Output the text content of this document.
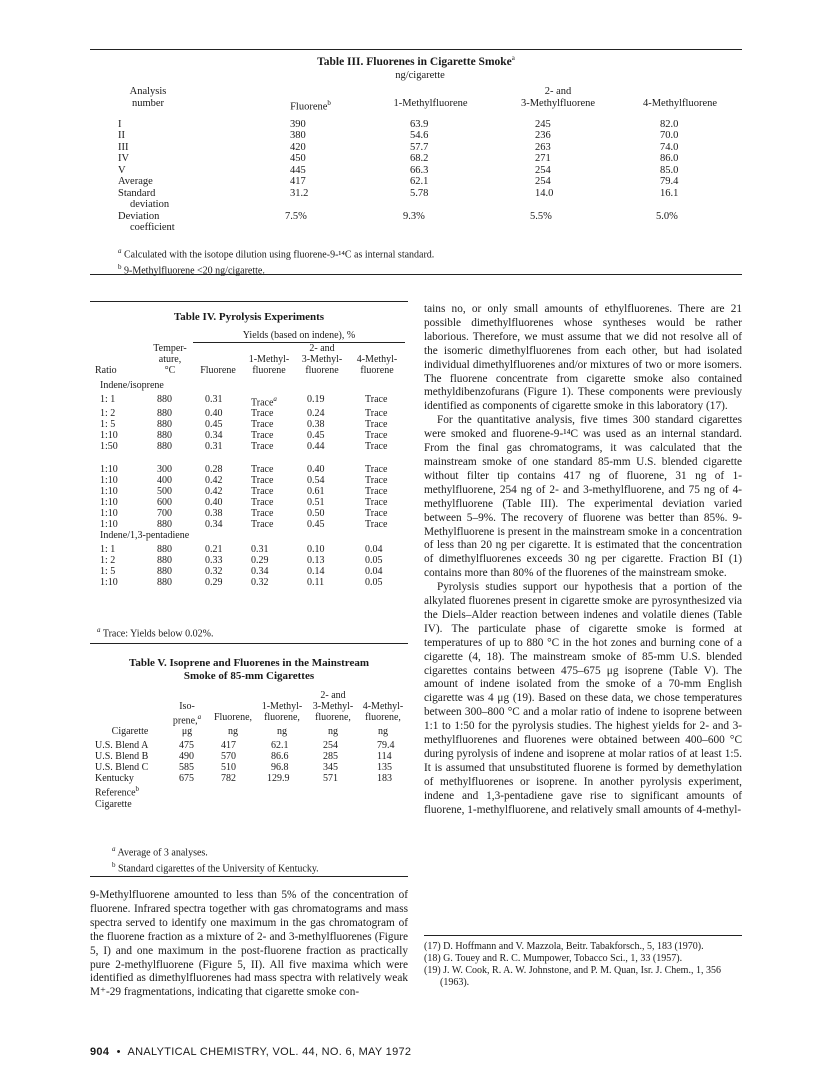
Table III. Fluorenes in Cigarette Smoke$^a$
ng/cigarette
Analysis			2- and	
number	Fluorene$^b$	1-Methylfluorene	3-Methylfluorene	4-Methylfluorene

I	390	63.9	245	82.0
II	380	54.6	236	70.0
III	420	57.7	263	74.0
IV	450	68.2	271	86.0
V	445	66.3	254	85.0
Average	417	62.1	254	79.4
Standard	31.2	5.78	14.0	16.1
deviation				
Deviation	7.5%	9.3%	5.5%	5.0%
coefficient				
$^a$ Calculated with the isotope dilution using fluorene-9-¹⁴C as internal standard.
$^b$ 9-Methylfluorene <20 ng/cigarette.
Table IV. Pyrolysis Experiments
		Yields (based on indene), %			
	Temper-			2- and	
	ature,		1-Methyl-	3-Methyl-	4-Methyl-
Ratio	°C	Fluorene	fluorene	fluorene	fluorene

Indene/isoprene					

1: 1	880	0.31	Trace$^a$	0.19	Trace
1: 2	880	0.40	Trace	0.24	Trace
1: 5	880	0.45	Trace	0.38	Trace
1:10	880	0.34	Trace	0.45	Trace
1:50	880	0.31	Trace	0.44	Trace

1:10	300	0.28	Trace	0.40	Trace
1:10	400	0.42	Trace	0.54	Trace
1:10	500	0.42	Trace	0.61	Trace
1:10	600	0.40	Trace	0.51	Trace
1:10	700	0.38	Trace	0.50	Trace
1:10	880	0.34	Trace	0.45	Trace
Indene/1,3-pentadiene					

1: 1	880	0.21	0.31	0.10	0.04
1: 2	880	0.33	0.29	0.13	0.05
1: 5	880	0.32	0.34	0.14	0.04
1:10	880	0.29	0.32	0.11	0.05
$^a$ Trace: Yields below 0.02%.
Table V. Isoprene and Fluorenes in the Mainstream
Smoke of 85-mm Cigarettes
				2- and	
	Iso-		1-Methyl-	3-Methyl-	4-Methyl-
	prene,$^a$	Fluorene,	fluorene,	fluorene,	fluorene,
Cigarette	μg	ng	ng	ng	ng

U.S. Blend A	475	417	62.1	254	79.4
U.S. Blend B	490	570	86.6	285	114
U.S. Blend C	585	510	96.8	345	135
Kentucky	675	782	129.9	571	183
Reference$^b$
Cigarette					
$^a$ Average of 3 analyses.
$^b$ Standard cigarettes of the University of Kentucky.

9-Methylfluorene amounted to less than 5% of the concentration of fluorene. Infrared spectra together with gas chromatograms and mass spectra served to identify one maximum in the gas chromatogram of the fluorene fraction as a mixture of 2- and 3-methylfluorenes (Figure 5, I) and one maximum in the post-fluorene fraction as practically pure 2-methylfluorene (Figure 5, II). All five maxima which were identified as dimethylfluorenes had mass spectra with relatively weak M⁺-29 fragmentations, indicating that cigarette smoke con-

tains no, or only small amounts of ethylfluorenes. There are 21 possible dimethylfluorenes whose syntheses would be rather laborious. Therefore, we must assume that we did not resolve all of the isomeric dimethylfluorenes from each other, but had isolated individual dimethylfluorenes and/or mixtures of two or more isomers. The fluorene concentrate from cigarette smoke also contained methyldibenzofurans (Figure 1). These components were previously identified as components of cigarette smoke in this laboratory (17).

For the quantitative analysis, five times 300 standard cigarettes were smoked and fluorene-9-¹⁴C was used as an internal standard. From the final gas chromatograms, it was calculated that the mainstream smoke of one standard 85-mm U.S. blended cigarette without filter tip contains 417 ng of fluorene, 31 ng of 1-methylfluorene, 254 ng of 2- and 3-methylfluorene, and 75 ng of 4-methylfluorene (Table III). The experimental deviation varied between 5–9%. The recovery of fluorene was better than 85%. 9-Methylfluorene is present in the mainstream smoke in a concentration of less than 20 ng per cigarette. It is estimated that the concentration of dimethylfluorenes exceeds 30 ng per cigarette. Fraction BI (1) contains more than 80% of the fluorenes of the mainstream smoke.

Pyrolysis studies support our hypothesis that a portion of the alkylated fluorenes present in cigarette smoke are pyrosynthesized via the Diels–Alder reaction between indenes and volatile dienes (Table IV). The particulate phase of cigarette smoke is formed at temperatures of up to 880 °C in the hot zones and burning cone of a cigarette (4, 18). The mainstream smoke of 85-mm U.S. blended cigarettes contains between 475–675 μg isoprene (Table V). The amount of indene isolated from the smoke of a 70-mm English cigarette was 4 μg (19). Based on these data, we chose temperatures between 300–800 °C and a molar ratio of indene to isoprene between 1:1 to 1:50 for the pyrolysis studies. The highest yields for 2- and 3-methylfluorenes and fluorenes were obtained between 400–600 °C during pyrolysis of indene and isoprene at molar ratios of at least 1:5. It is assumed that unsubstituted fluorene is formed by demethylation of methylfluorenes or isoprene. In another pyrolysis experiment, indene and 1,3-pentadiene gave rise to significant amounts of fluorene, 1-methylfluorene, and relatively small amounts of 4-methyl-

(17) D. Hoffmann and V. Mazzola, Beitr. Tabakforsch., 5, 183 (1970).
(18) G. Touey and R. C. Mumpower, Tobacco Sci., 1, 33 (1957).
(19) J. W. Cook, R. A. W. Johnstone, and P. M. Quan, Isr. J. Chem., 1, 356 (1963).
904 • ANALYTICAL CHEMISTRY, VOL. 44, NO. 6, MAY 1972
